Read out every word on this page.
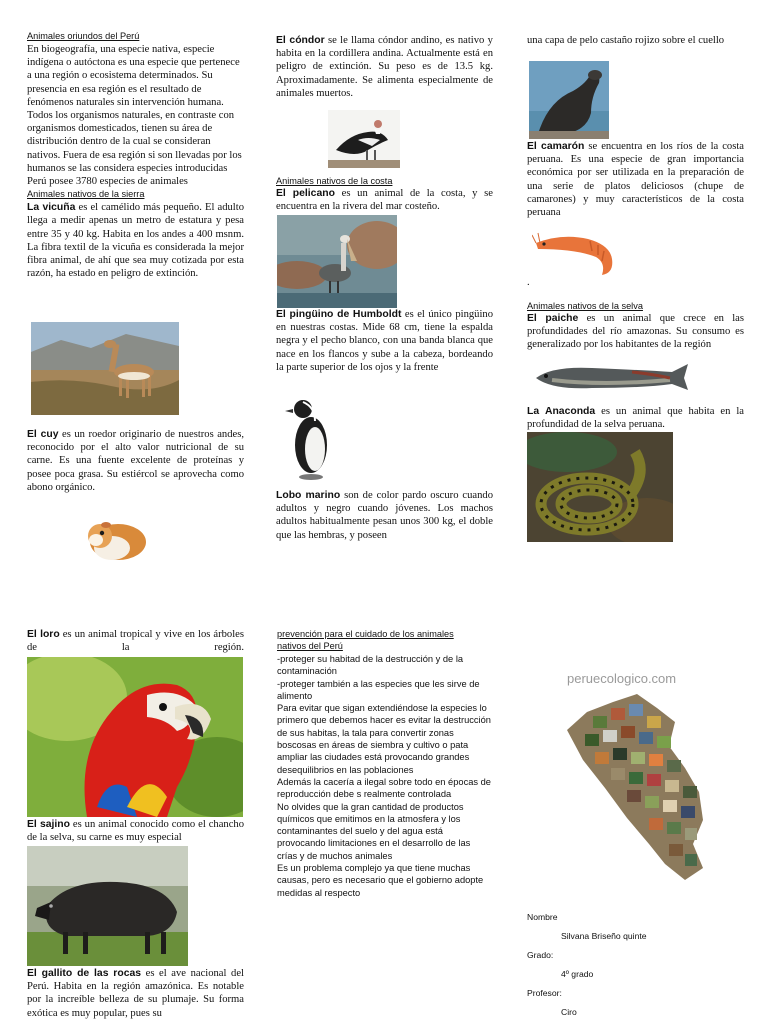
Animales oriundos del Perú

En biogeografía, una especie nativa, especie indígena o autóctona es una especie que pertenece a una región o ecosistema determinados. Su presencia en esa región es el resultado de fenómenos naturales sin intervención humana. Todos los organismos naturales, en contraste con organismos domesticados, tienen su área de distribución dentro de la cual se consideran nativos. Fuera de esa región si son llevadas por los humanos se las considera especies introducidas

Perú posee 3780 especies de animales

Animales nativos de la sierra

La vicuña es el camélido más pequeño. El adulto llega a medir apenas un metro de estatura y pesa entre 35 y 40 kg. Habita en los andes a 400 msnm. La fibra textil de la vicuña es considerada la mejor fibra animal, de ahí que sea muy cotizada por esta razón, ha estado en peligro de extinción.

El cuy es un roedor originario de nuestros andes, reconocido por el alto valor nutricional de su carne. Es una fuente excelente de proteínas y posee poca grasa. Su estiércol se aprovecha como abono orgánico.

El cóndor se le llama cóndor andino, es nativo y habita en la cordillera andina. Actualmente está en peligro de extinción. Su peso es de 13.5 kg. Aproximadamente. Se alimenta especialmente de animales muertos.

Animales nativos de la costa

El pelicano es un animal de la costa, y se encuentra en la rivera del mar costeño.

El pingüino de Humboldt es el único pingüino en nuestras costas. Mide 68 cm, tiene la espalda negra y el pecho blanco, con una banda blanca que nace en los flancos y sube a la cabeza, bordeando la parte superior de los ojos y la frente

Lobo marino son de color pardo oscuro cuando adultos y negro cuando jóvenes. Los machos adultos habitualmente pesan unos 300 kg, el doble que las hembras, y poseen

una capa de pelo castaño rojizo sobre el cuello

El camarón se encuentra en los ríos de la costa peruana. Es una especie de gran importancia económica por ser utilizada en la preparación de una serie de platos deliciosos (chupe de camarones) y muy característicos de la costa peruana

.

Animales nativos de la selva

El paiche es un animal que crece en las profundidades del río amazonas. Su consumo es generalizado por los habitantes de la región

La Anaconda es un animal que habita en la profundidad de la selva peruana.

El loro es un animal tropical y vive en los árboles de la región.

El sajino es un animal conocido como el chancho de la selva, su carne es muy especial

El gallito de las rocas es el ave nacional del Perú. Habita en la región amazónica. Es notable por la increíble belleza de su plumaje. Su forma exótica es muy popular, pues su

prevención para el cuidado de los animales

nativos del Perú

-proteger su habitad de la destrucción y de la contaminación

-proteger también a las especies que les sirve de alimento

Para evitar que sigan extendiéndose la especies lo primero que debemos hacer es evitar la destrucción de sus habitas, la tala para convertir zonas boscosas en áreas de siembra y cultivo o pata ampliar las ciudades está provocando grandes desequilibrios en las poblaciones

Además la cacería a ilegal sobre todo en épocas de reproducción debe s realmente controlada

No olvides que la gran cantidad de productos químicos que emitimos en la atmosfera y los contaminantes del suelo y del agua está provocando limitaciones en el desarrollo de las crías y de muchos animales

Es un problema complejo ya que tiene muchas causas, pero es necesario que el gobierno adopte medidas al respecto

peruecologico.com
Nombre
Silvana Briseño quinte
Grado:
4º grado
Profesor:
Ciro
